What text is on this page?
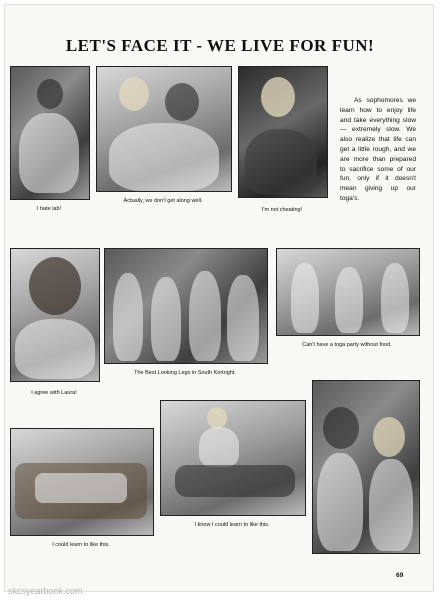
LET'S FACE IT - WE LIVE FOR FUN!
I hate lab!
Actually, we don't get along well.
I'm not cheating!
As sophomores we learn how to enjoy life and take everything slow — extremely slow. We also realize that life can get a little rough, and we are more than prepared to sacrifice some of our fun, only if it doesn't mean giving up our toga's.
I agree with Laura!
The Best Looking Legs in South Kortright.
Can't have a toga party without food.
I could learn to like this.
I know I could learn to like this.
69
skcsyearbook.com
